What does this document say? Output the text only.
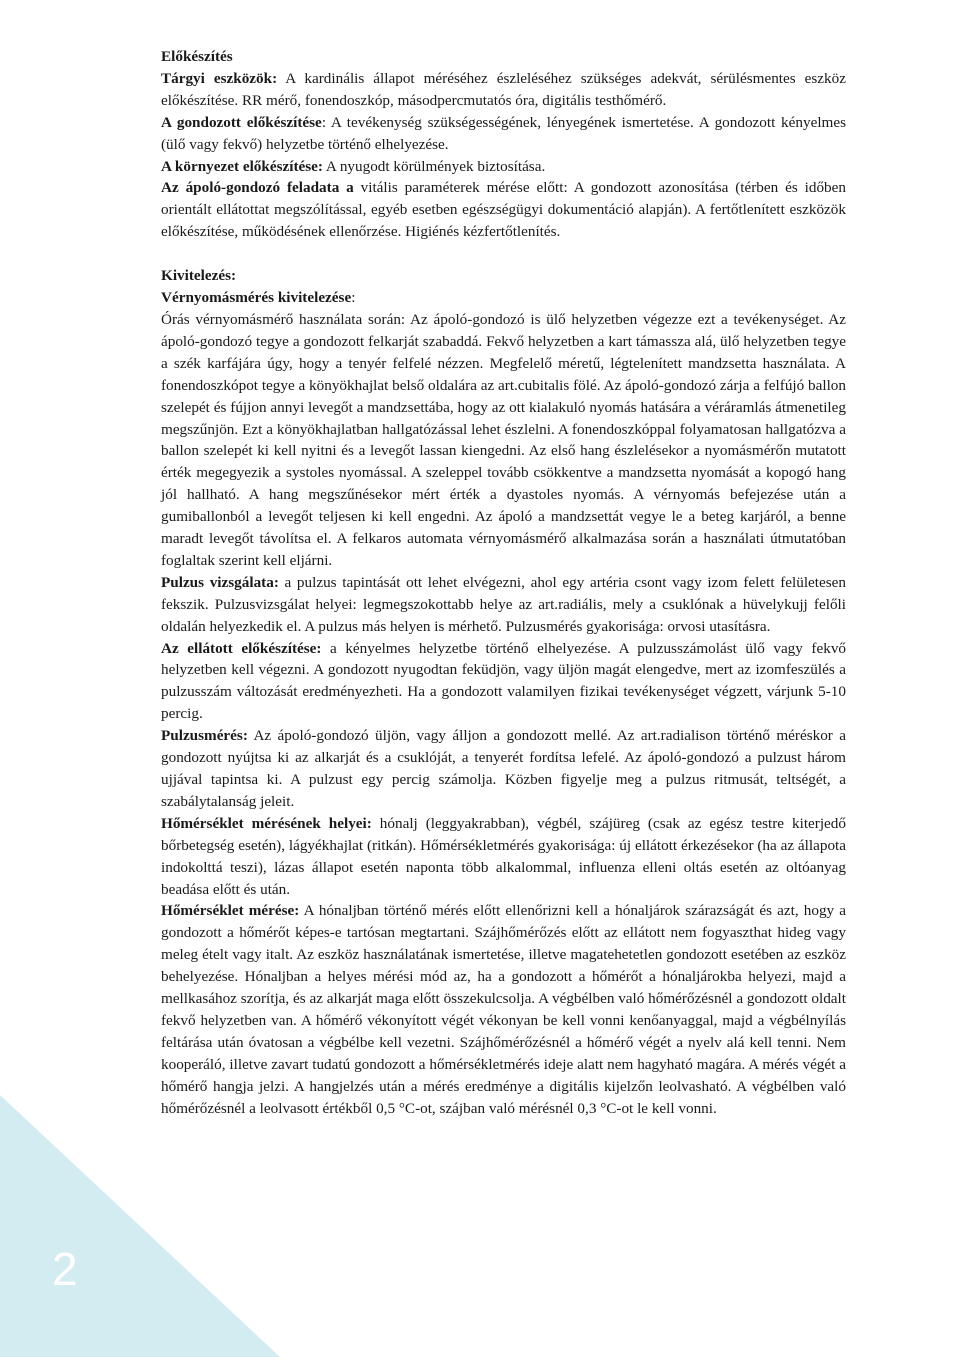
2

Előkészítés

Tárgyi eszközök: A kardinális állapot méréséhez észleléséhez szükséges adekvát, sérülésmentes eszköz előkészítése. RR mérő, fonendoszkóp, másodpercmutatós óra, digitális testhőmérő.

A gondozott előkészítése: A tevékenység szükségességének, lényegének ismertetése. A gondozott kényelmes (ülő vagy fekvő) helyzetbe történő elhelyezése.

A környezet előkészítése: A nyugodt körülmények biztosítása.

Az ápoló-gondozó feladata a vitális paraméterek mérése előtt: A gondozott azonosítása (térben és időben orientált ellátottat megszólítással, egyéb esetben egészségügyi dokumentáció alapján). A fertőtlenített eszközök előkészítése, működésének ellenőrzése. Higiénés kézfertőtlenítés.

Kivitelezés:

Vérnyomásmérés kivitelezése:

Órás vérnyomásmérő használata során: Az ápoló-gondozó is ülő helyzetben végezze ezt a tevékenységet. Az ápoló-gondozó tegye a gondozott felkarját szabaddá. Fekvő helyzetben a kart támassza alá, ülő helyzetben tegye a szék karfájára úgy, hogy a tenyér felfelé nézzen. Megfelelő méretű, légtelenített mandzsetta használata. A fonendoszkópot tegye a könyökhajlat belső oldalára az art.cubitalis fölé. Az ápoló-gondozó zárja a felfújó ballon szelepét és fújjon annyi levegőt a mandzsettába, hogy az ott kialakuló nyomás hatására a véráramlás átmenetileg megszűnjön. Ezt a könyökhajlatban hallgatózással lehet észlelni. A fonendoszkóppal folyamatosan hallgatózva a ballon szelepét ki kell nyitni és a levegőt lassan kiengedni. Az első hang észlelésekor a nyomásmérőn mutatott érték megegyezik a systoles nyomással. A szeleppel tovább csökkentve a mandzsetta nyomását a kopogó hang jól hallható. A hang megszűnésekor mért érték a dyastoles nyomás. A vérnyomás befejezése után a gumiballonból a levegőt teljesen ki kell engedni. Az ápoló a mandzsettát vegye le a beteg karjáról, a benne maradt levegőt távolítsa el. A felkaros automata vérnyomásmérő alkalmazása során a használati útmutatóban foglaltak szerint kell eljárni.

Pulzus vizsgálata: a pulzus tapintását ott lehet elvégezni, ahol egy artéria csont vagy izom felett felületesen fekszik. Pulzusvizsgálat helyei: legmegszokottabb helye az art.radiális, mely a csuklónak a hüvelykujj felőli oldalán helyezkedik el. A pulzus más helyen is mérhető. Pulzusmérés gyakorisága: orvosi utasításra.

Az ellátott előkészítése: a kényelmes helyzetbe történő elhelyezése. A pulzusszámolást ülő vagy fekvő helyzetben kell végezni. A gondozott nyugodtan feküdjön, vagy üljön magát elengedve, mert az izomfeszülés a pulzusszám változását eredményezheti. Ha a gondozott valamilyen fizikai tevékenységet végzett, várjunk 5-10 percig.

Pulzusmérés: Az ápoló-gondozó üljön, vagy álljon a gondozott mellé. Az art.radialison történő méréskor a gondozott nyújtsa ki az alkarját és a csuklóját, a tenyerét fordítsa lefelé. Az ápoló-gondozó a pulzust három ujjával tapintsa ki. A pulzust egy percig számolja. Közben figyelje meg a pulzus ritmusát, teltségét, a szabálytalanság jeleit.

Hőmérséklet mérésének helyei: hónalj (leggyakrabban), végbél, szájüreg (csak az egész testre kiterjedő bőrbetegség esetén), lágyékhajlat (ritkán). Hőmérsékletmérés gyakorisága: új ellátott érkezésekor (ha az állapota indokolttá teszi), lázas állapot esetén naponta több alkalommal, influenza elleni oltás esetén az oltóanyag beadása előtt és után.

Hőmérséklet mérése: A hónaljban történő mérés előtt ellenőrizni kell a hónaljárok szárazságát és azt, hogy a gondozott a hőmérőt képes-e tartósan megtartani. Szájhőmérőzés előtt az ellátott nem fogyaszthat hideg vagy meleg ételt vagy italt. Az eszköz használatának ismertetése, illetve magatehetetlen gondozott esetében az eszköz behelyezése. Hónaljban a helyes mérési mód az, ha a gondozott a hőmérőt a hónaljárokba helyezi, majd a mellkasához szorítja, és az alkarját maga előtt összekulcsolja. A végbélben való hőmérőzésnél a gondozott oldalt fekvő helyzetben van. A hőmérő vékonyított végét vékonyan be kell vonni kenőanyaggal, majd a végbélnyílás feltárása után óvatosan a végbélbe kell vezetni. Szájhőmérőzésnél a hőmérő végét a nyelv alá kell tenni. Nem kooperáló, illetve zavart tudatú gondozott a hőmérsékletmérés ideje alatt nem hagyható magára. A mérés végét a hőmérő hangja jelzi. A hangjelzés után a mérés eredménye a digitális kijelzőn leolvasható. A végbélben való hőmérőzésnél a leolvasott értékből 0,5 °C-ot, szájban való mérésnél 0,3 °C-ot le kell vonni.
